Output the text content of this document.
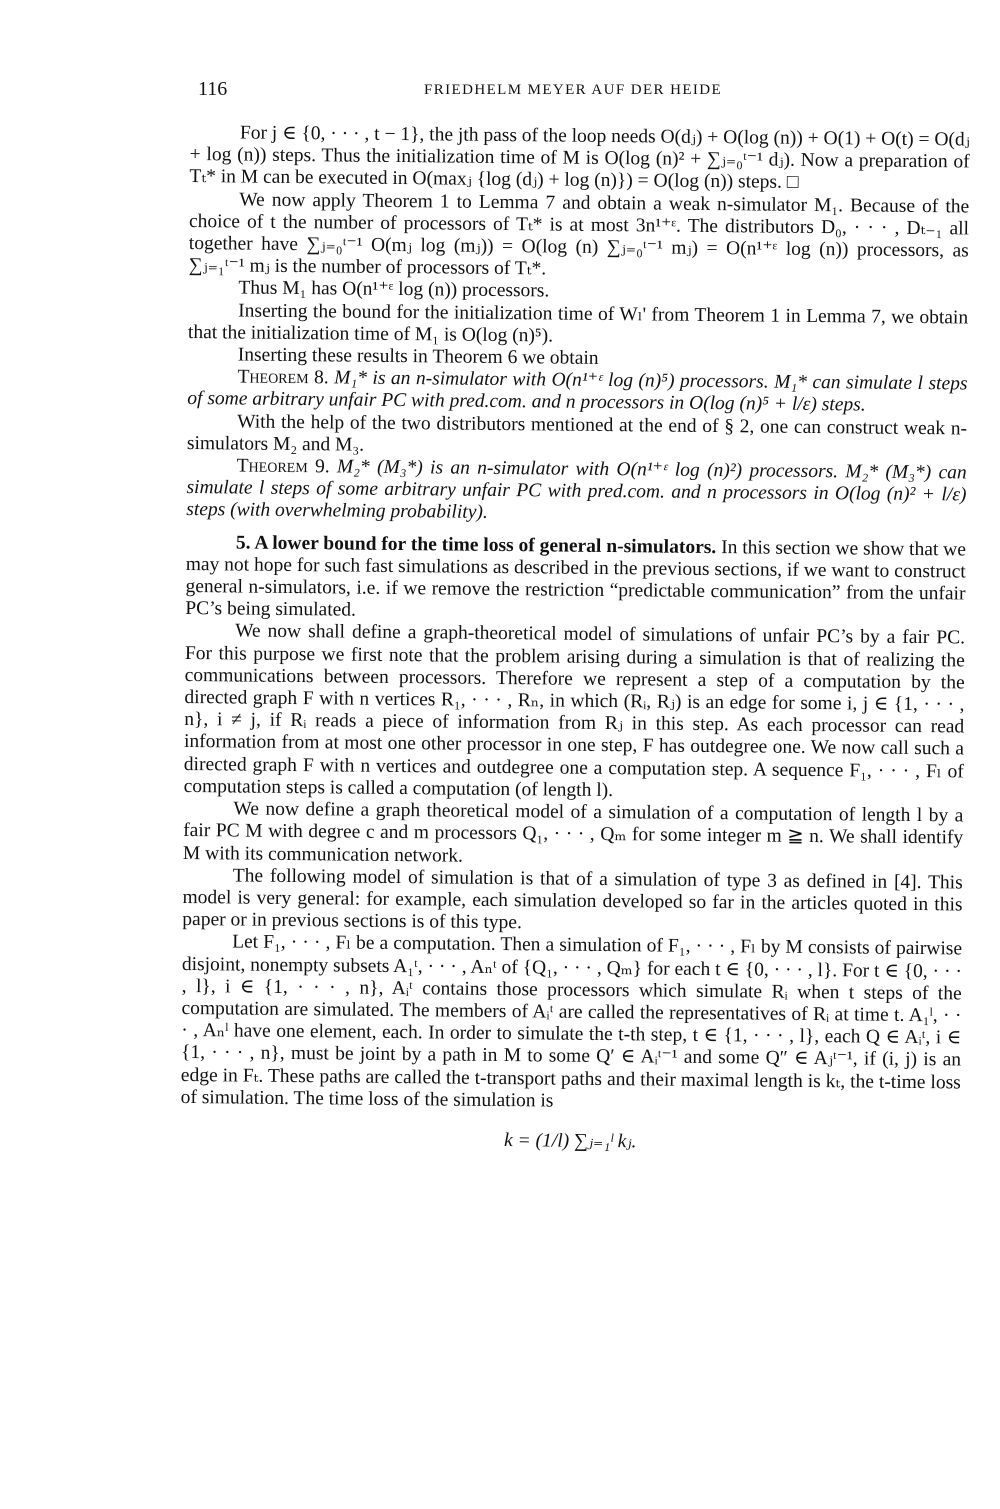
116	FRIEDHELM MEYER AUF DER HEIDE

For j ∈ {0, · · · , t − 1}, the jth pass of the loop needs O(dⱼ) + O(log (n)) + O(1) + O(t) = O(dⱼ + log (n)) steps. Thus the initialization time of M is O(log (n)² + ∑ⱼ₌₀ᵗ⁻¹ dⱼ). Now a preparation of Tₜ* in M can be executed in O(maxⱼ {log (dⱼ) + log (n)}) = O(log (n)) steps. □

We now apply Theorem 1 to Lemma 7 and obtain a weak n-simulator M₁. Because of the choice of t the number of processors of Tₜ* is at most 3n¹⁺ᵋ. The distributors D₀, · · · , Dₜ₋₁ all together have ∑ⱼ₌₀ᵗ⁻¹ O(mⱼ log (mⱼ)) = O(log (n) ∑ⱼ₌₀ᵗ⁻¹ mⱼ) = O(n¹⁺ᵋ log (n)) processors, as ∑ⱼ₌₁ᵗ⁻¹ mⱼ is the number of processors of Tₜ*.

Thus M₁ has O(n¹⁺ᵋ log (n)) processors.

Inserting the bound for the initialization time of Wₗ' from Theorem 1 in Lemma 7, we obtain that the initialization time of M₁ is O(log (n)⁵).

Inserting these results in Theorem 6 we obtain

Theorem 8. M₁* is an n-simulator with O(n¹⁺ᵋ log (n)⁵) processors. M₁* can simulate l steps of some arbitrary unfair PC with pred.com. and n processors in O(log (n)⁵ + l/ε) steps.

With the help of the two distributors mentioned at the end of § 2, one can construct weak n-simulators M₂ and M₃.

Theorem 9. M₂* (M₃*) is an n-simulator with O(n¹⁺ᵋ log (n)²) processors. M₂* (M₃*) can simulate l steps of some arbitrary unfair PC with pred.com. and n processors in O(log (n)² + l/ε) steps (with overwhelming probability).

5. A lower bound for the time loss of general n-simulators. In this section we show that we may not hope for such fast simulations as described in the previous sections, if we want to construct general n-simulators, i.e. if we remove the restriction “predictable communication” from the unfair PC’s being simulated.

We now shall define a graph-theoretical model of simulations of unfair PC’s by a fair PC. For this purpose we first note that the problem arising during a simulation is that of realizing the communications between processors. Therefore we represent a step of a computation by the directed graph F with n vertices R₁, · · · , Rₙ, in which (Rᵢ, Rⱼ) is an edge for some i, j ∈ {1, · · · , n}, i ≠ j, if Rᵢ reads a piece of information from Rⱼ in this step. As each processor can read information from at most one other processor in one step, F has outdegree one. We now call such a directed graph F with n vertices and outdegree one a computation step. A sequence F₁, · · · , Fₗ of computation steps is called a computation (of length l).

We now define a graph theoretical model of a simulation of a computation of length l by a fair PC M with degree c and m processors Q₁, · · · , Qₘ for some integer m ≧ n. We shall identify M with its communication network.

The following model of simulation is that of a simulation of type 3 as defined in [4]. This model is very general: for example, each simulation developed so far in the articles quoted in this paper or in previous sections is of this type.

Let F₁, · · · , Fₗ be a computation. Then a simulation of F₁, · · · , Fₗ by M consists of pairwise disjoint, nonempty subsets A₁ᵗ, · · · , Aₙᵗ of {Q₁, · · · , Qₘ} for each t ∈ {0, · · · , l}. For t ∈ {0, · · · , l}, i ∈ {1, · · · , n}, Aᵢᵗ contains those processors which simulate Rᵢ when t steps of the computation are simulated. The members of Aᵢᵗ are called the representatives of Rᵢ at time t. A₁ˡ, · · · , Aₙˡ have one element, each. In order to simulate the t-th step, t ∈ {1, · · · , l}, each Q ∈ Aᵢᵗ, i ∈ {1, · · · , n}, must be joint by a path in M to some Q′ ∈ Aᵢᵗ⁻¹ and some Q″ ∈ Aⱼᵗ⁻¹, if (i, j) is an edge in Fₜ. These paths are called the t-transport paths and their maximal length is kₜ, the t-time loss of simulation. The time loss of the simulation is

k = (1/l) ∑ⱼ₌₁ˡ kⱼ.
